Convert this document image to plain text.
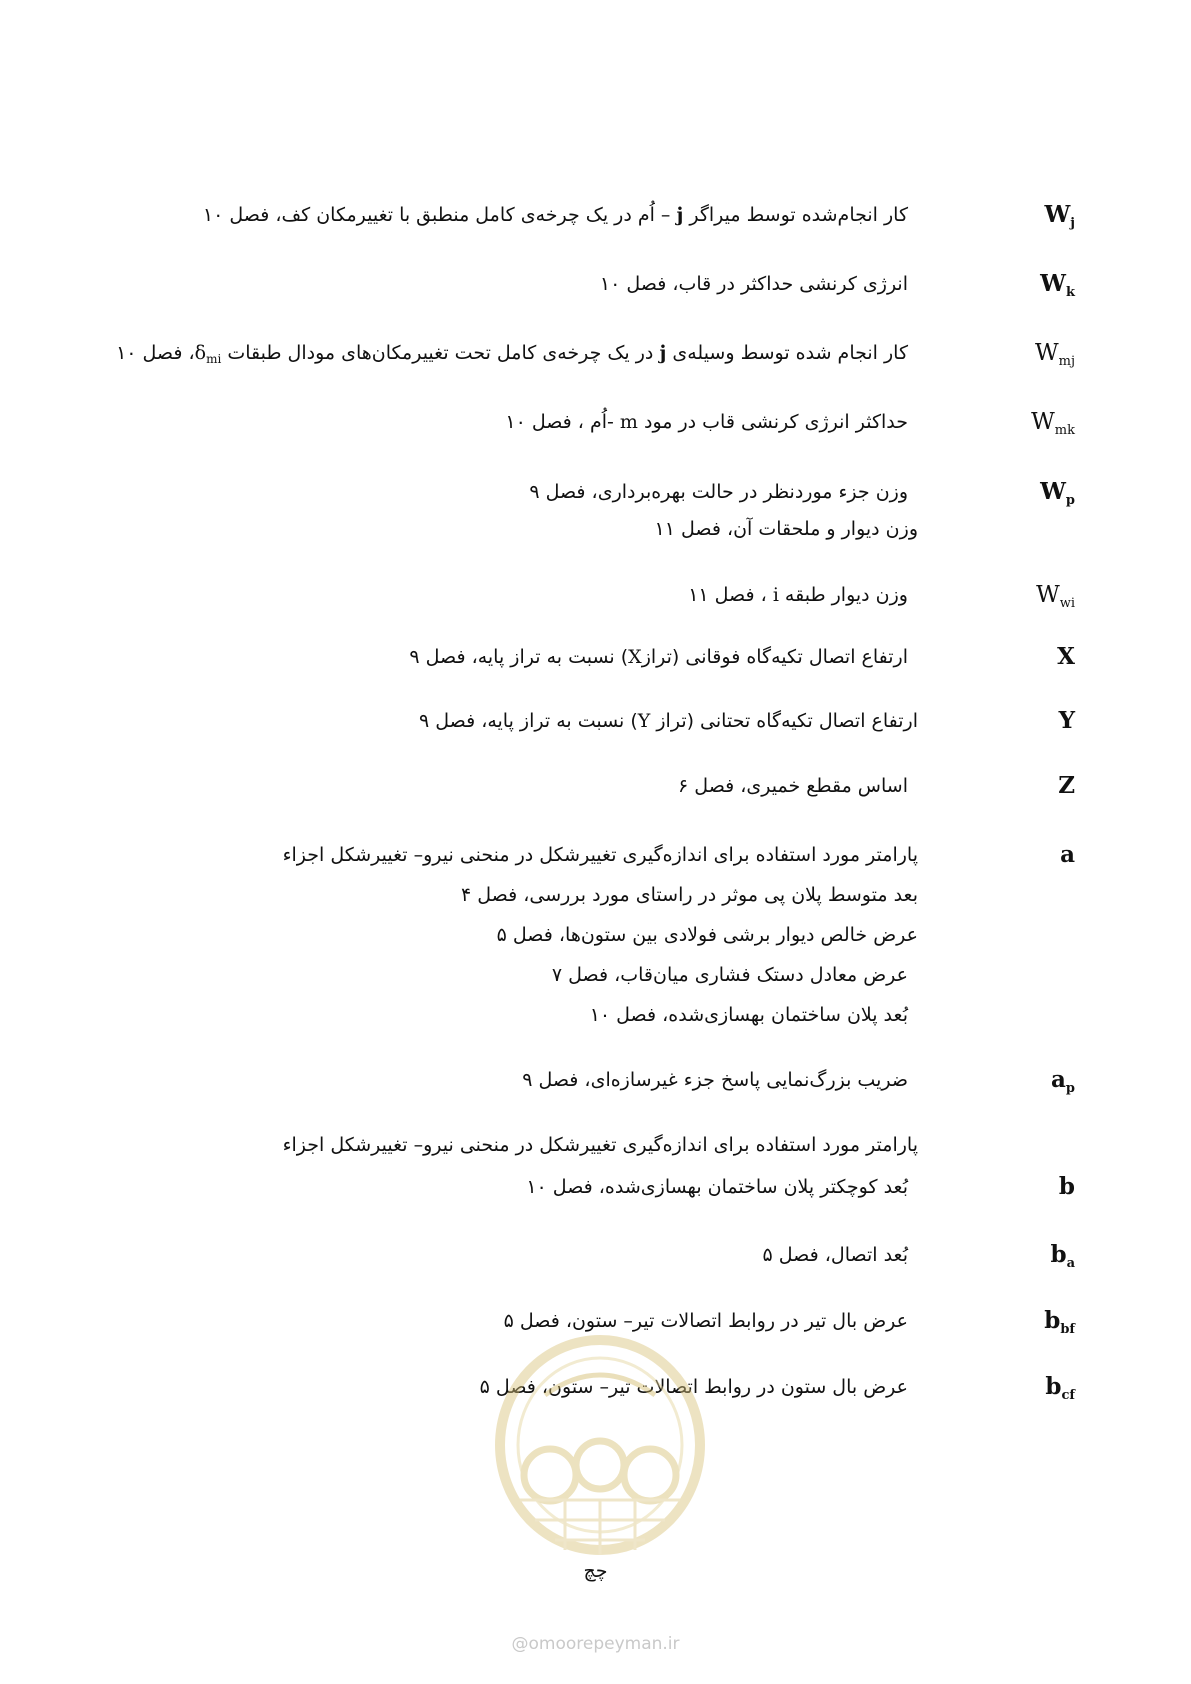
$W_j$
کار انجام‌شده توسط میراگر j – اُم در یک چرخه‌ی کامل منطبق با تغییرمکان کف، فصل ۱۰
$W_k$
انرژی کرنشی حداکثر در قاب، فصل ۱۰
$W_{mj}$
کار انجام شده توسط وسیله‌ی j در یک چرخه‌ی کامل تحت تغییرمکان‌های مودال طبقات $\delta_{mi}،$ فصل ۱۰
$W_{mk}$
حداکثر انرژی کرنشی قاب در مود m -اُم ، فصل ۱۰
$W_p$
وزن جزء موردنظر در حالت بهره‌برداری، فصل ۹
وزن دیوار و ملحقات آن، فصل ۱۱
$W_{wi}$
وزن دیوار طبقه i ، فصل ۱۱
X
ارتفاع اتصال تکیه‌گاه فوقانی (ترازX) نسبت به تراز پایه، فصل ۹
Y
ارتفاع اتصال تکیه‌گاه تحتانی (تراز Y) نسبت به تراز پایه، فصل ۹
Z
اساس مقطع خمیری، فصل ۶
a
پارامتر مورد استفاده برای اندازه‌گیری تغییرشکل در منحنی نیرو– تغییرشکل اجزاء
بعد متوسط پلان پی موثر در راستای مورد بررسی، فصل ۴
عرض خالص دیوار برشی فولادی بین ستون‌ها، فصل ۵
عرض معادل دستک فشاری میان‌قاب، فصل ۷
بُعد پلان ساختمان بهسازی‌شده، فصل ۱۰
$a_p$
ضریب بزرگ‌نمایی پاسخ جزء غیرسازه‌ای، فصل ۹
پارامتر مورد استفاده برای اندازه‌گیری تغییرشکل در منحنی نیرو– تغییرشکل اجزاء
b
بُعد کوچکتر پلان ساختمان بهسازی‌شده، فصل ۱۰
$b_a$
بُعد اتصال، فصل ۵
$b_{bf}$
عرض بال تیر در روابط اتصالات تیر– ستون، فصل ۵
$b_{cf}$
عرض بال ستون در روابط اتصالات تیر– ستون، فصل ۵
چچ
@omoorepeyman.ir
